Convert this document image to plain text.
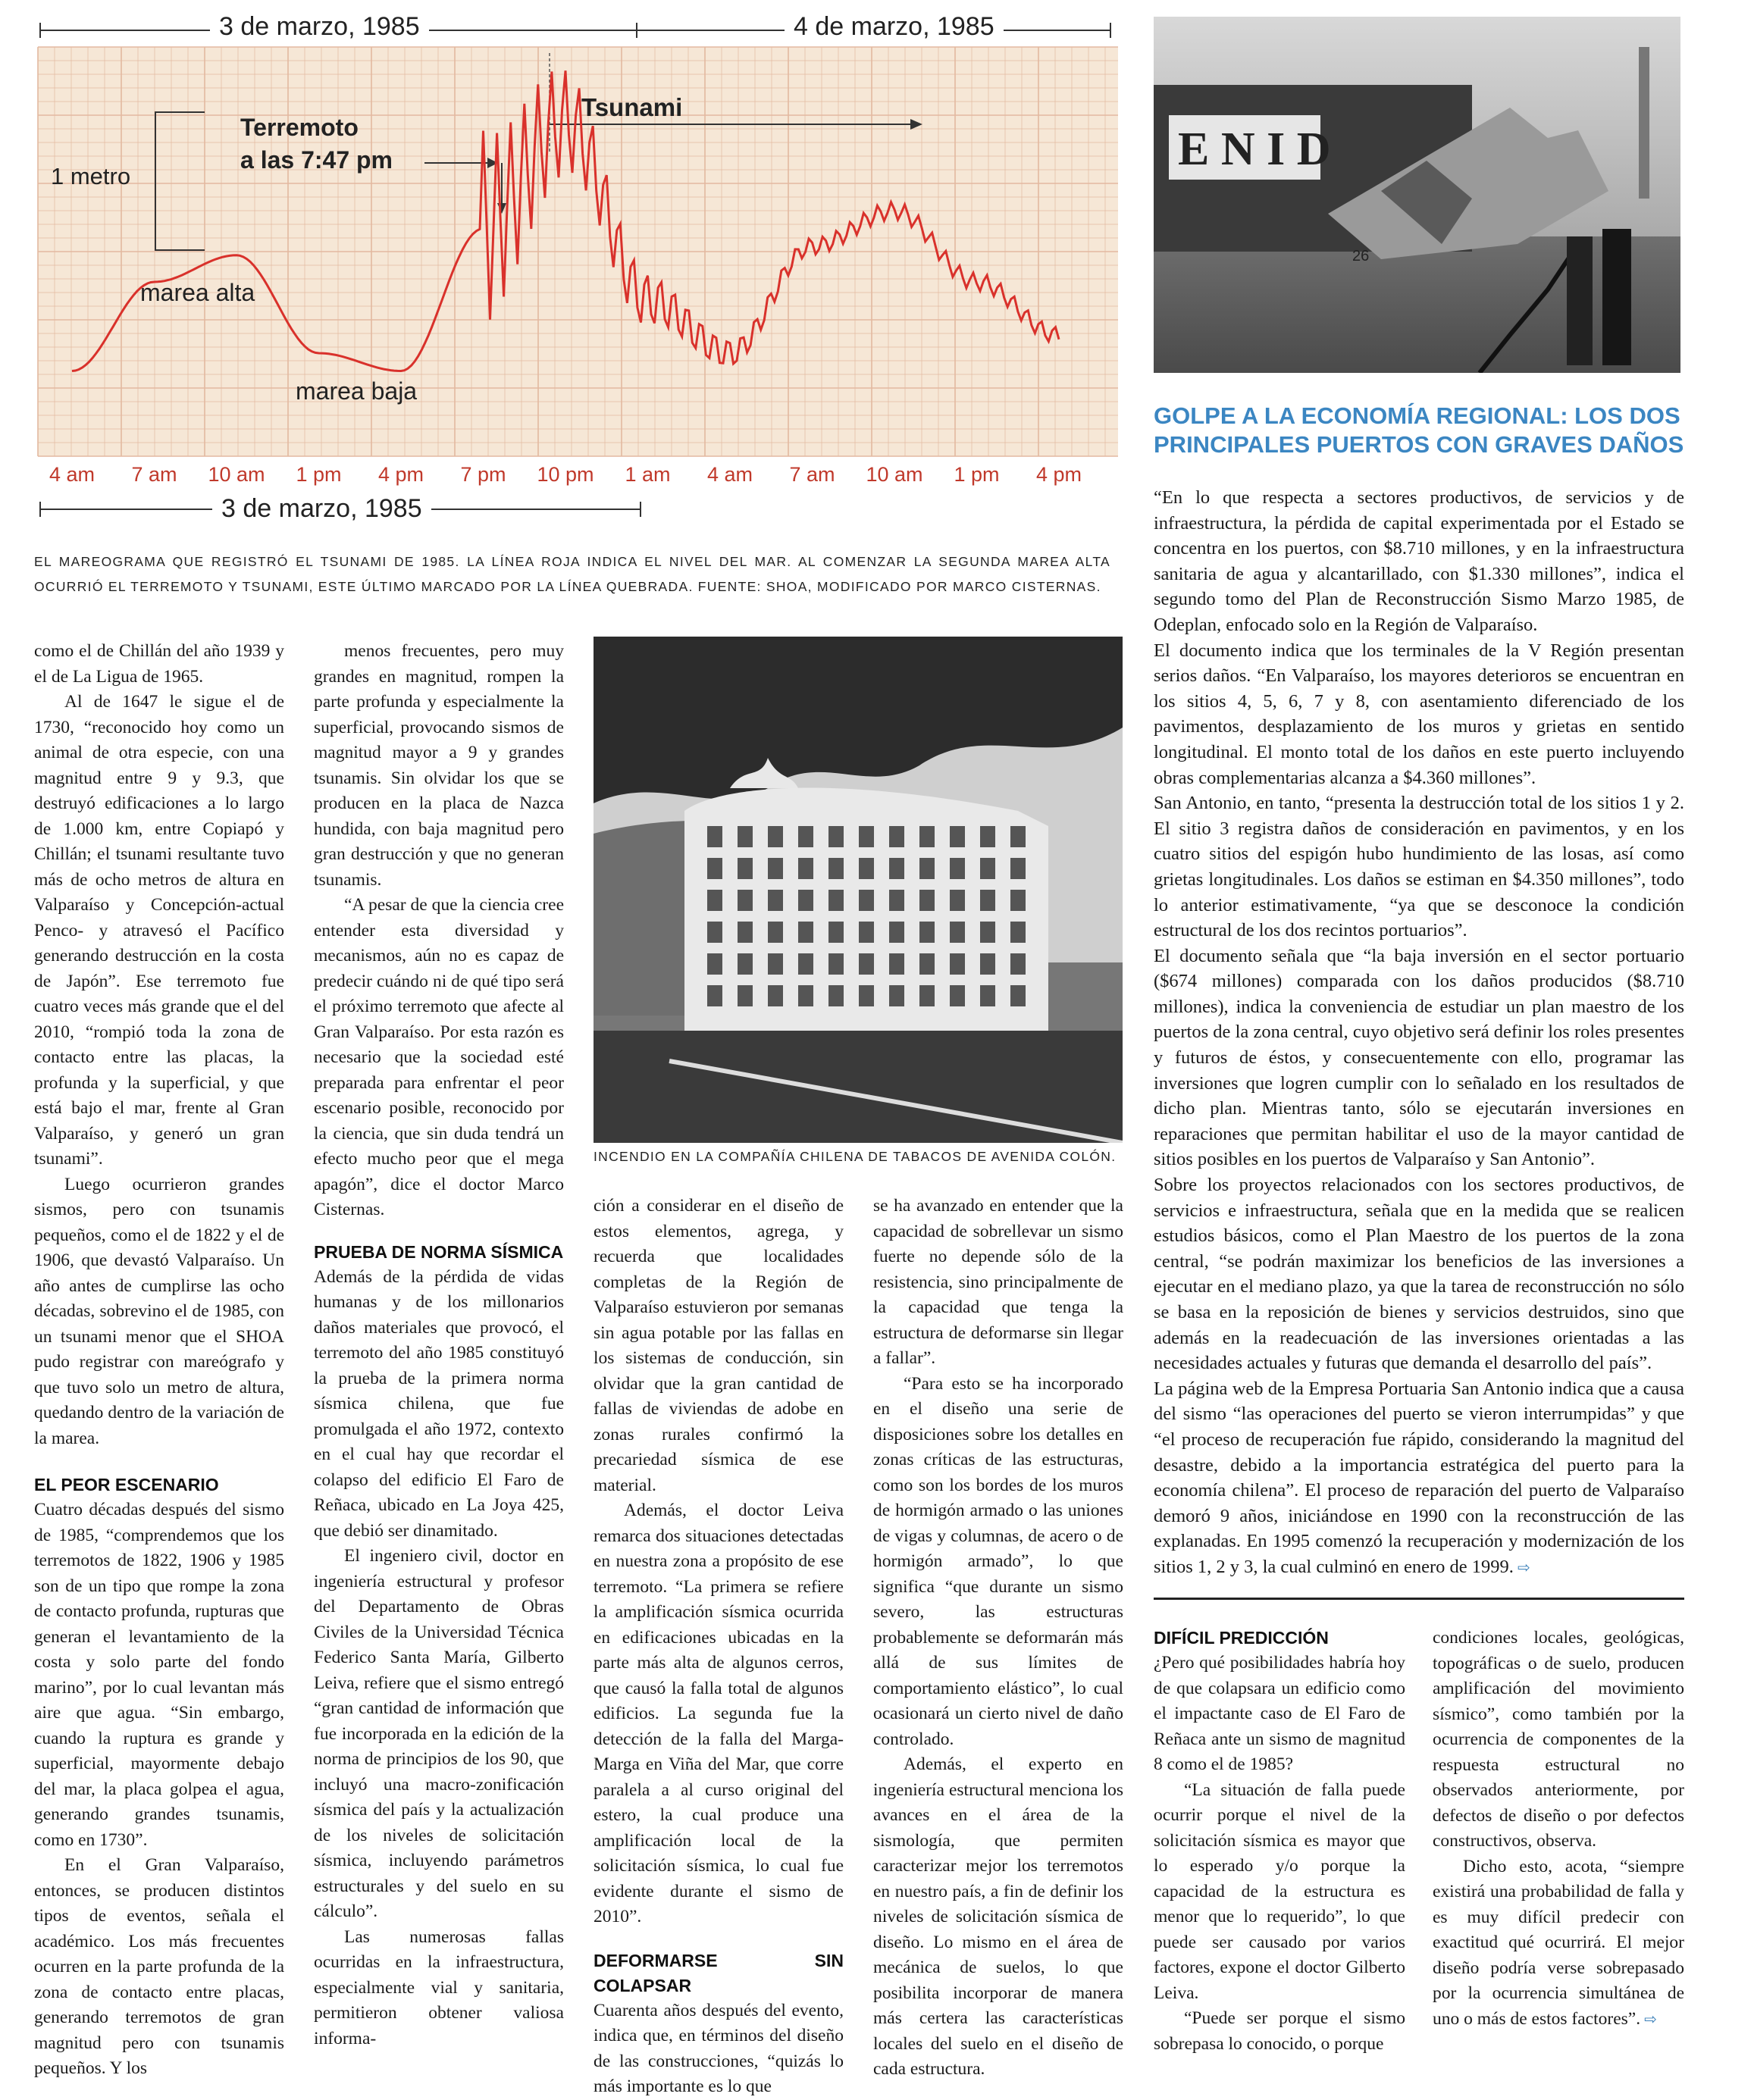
4 am 7 am 10 am 1 pm 4 pm 7 pm 10 pm 1 am 4 am 7 am 10 am 1 pm 4 pm
3 de marzo, 1985	4 de marzo, 1985
3 de marzo, 1985
1 metro
Terremoto
a las 7:47 pm
Tsunami
marea alta
marea baja
EL MAREOGRAMA QUE REGISTRÓ EL TSUNAMI DE 1985. LA LÍNEA ROJA INDICA EL NIVEL DEL MAR. AL COMENZAR LA SEGUNDA MAREA ALTA OCURRIÓ EL TERREMOTO Y TSUNAMI, ESTE ÚLTIMO MARCADO POR LA LÍNEA QUEBRADA. FUENTE: SHOA, MODIFICADO POR MARCO CISTERNAS.
E N I D
26
GOLPE A LA ECONOMÍA REGIONAL: LOS DOS PRINCIPALES PUERTOS CON GRAVES DAÑOS
INCENDIO EN LA COMPAÑÍA CHILENA DE TABACOS DE AVENIDA COLÓN.

como el de Chillán del año 1939 y el de La Ligua de 1965.

Al de 1647 le sigue el de 1730, “reconocido hoy como un animal de otra especie, con una magnitud entre 9 y 9.3, que destruyó edificaciones a lo largo de 1.000 km, entre Copiapó y Chillán; el tsunami resultante tuvo más de ocho metros de altura en Valparaíso y Concepción-actual Penco- y atravesó el Pacífico generando destrucción en la costa de Japón”. Ese terremoto fue cuatro veces más grande que el del 2010, “rompió toda la zona de contacto entre las placas, la profunda y la superficial, y que está bajo el mar, frente al Gran Valparaíso, y generó un gran tsunami”.

Luego ocurrieron grandes sismos, pero con tsunamis pequeños, como el de 1822 y el de 1906, que devastó Valparaíso. Un año antes de cumplirse las ocho décadas, sobrevino el de 1985, con un tsunami menor que el SHOA pudo registrar con mareógrafo y que tuvo solo un metro de altura, quedando dentro de la variación de la marea.

EL PEOR ESCENARIO

Cuatro décadas después del sismo de 1985, “comprendemos que los terremotos de 1822, 1906 y 1985 son de un tipo que rompe la zona de contacto profunda, rupturas que generan el levantamiento de la costa y solo parte del fondo marino”, por lo cual levantan más aire que agua. “Sin embargo, cuando la ruptura es grande y superficial, mayormente debajo del mar, la placa golpea el agua, generando grandes tsunamis, como en 1730”.

En el Gran Valparaíso, entonces, se producen distintos tipos de eventos, señala el académico. Los más frecuentes ocurren en la parte profunda de la zona de contacto entre placas, generando terremotos de gran magnitud pero con tsunamis pequeños. Y los

menos frecuentes, pero muy grandes en magnitud, rompen la parte profunda y especialmente la superficial, provocando sismos de magnitud mayor a 9 y grandes tsunamis. Sin olvidar los que se producen en la placa de Nazca hundida, con baja magnitud pero gran destrucción y que no generan tsunamis.

“A pesar de que la ciencia cree entender esta diversidad y mecanismos, aún no es capaz de predecir cuándo ni de qué tipo será el próximo terremoto que afecte al Gran Valparaíso. Por esta razón es necesario que la sociedad esté preparada para enfrentar el peor escenario posible, reconocido por la ciencia, que sin duda tendrá un efecto mucho peor que el mega apagón”, dice el doctor Marco Cisternas.

PRUEBA DE NORMA SÍSMICA

Además de la pérdida de vidas humanas y de los millonarios daños materiales que provocó, el terremoto del año 1985 constituyó la prueba de la primera norma sísmica chilena, que fue promulgada el año 1972, contexto en el cual hay que recordar el colapso del edificio El Faro de Reñaca, ubicado en La Joya 425, que debió ser dinamitado.

El ingeniero civil, doctor en ingeniería estructural y profesor del Departamento de Obras Civiles de la Universidad Técnica Federico Santa María, Gilberto Leiva, refiere que el sismo entregó “gran cantidad de información que fue incorporada en la edición de la norma de principios de los 90, que incluyó una macro-zonificación sísmica del país y la actualización de los niveles de solicitación sísmica, incluyendo parámetros estructurales y del suelo en su cálculo”.

Las numerosas fallas ocurridas en la infraestructura, especialmente vial y sanitaria, permitieron obtener valiosa informa-

ción a considerar en el diseño de estos elementos, agrega, y recuerda que localidades completas de la Región de Valparaíso estuvieron por semanas sin agua potable por las fallas en los sistemas de conducción, sin olvidar que la gran cantidad de fallas de viviendas de adobe en zonas rurales confirmó la precariedad sísmica de ese material.

Además, el doctor Leiva remarca dos situaciones detectadas en nuestra zona a propósito de ese terremoto. “La primera se refiere la amplificación sísmica ocurrida en edificaciones ubicadas en la parte más alta de algunos cerros, que causó la falla total de algunos edificios. La segunda fue la detección de la falla del Marga-Marga en Viña del Mar, que corre paralela a al curso original del estero, la cual produce una amplificación local de la solicitación sísmica, lo cual fue evidente durante el sismo de 2010”.

DEFORMARSE SIN COLAPSAR

Cuarenta años después del evento, indica que, en términos del diseño de las construcciones, “quizás lo más importante es lo que

se ha avanzado en entender que la capacidad de sobrellevar un sismo fuerte no depende sólo de la resistencia, sino principalmente de la capacidad que tenga la estructura de deformarse sin llegar a fallar”.

“Para esto se ha incorporado en el diseño una serie de disposiciones sobre los detalles en zonas críticas de las estructuras, como son los bordes de los muros de hormigón armado o las uniones de vigas y columnas, de acero o de hormigón armado”, lo que significa “que durante un sismo severo, las estructuras probablemente se deformarán más allá de sus límites de comportamiento elástico”, lo cual ocasionará un cierto nivel de daño controlado.

Además, el experto en ingeniería estructural menciona los avances en el área de la sismología, que permiten caracterizar mejor los terremotos en nuestro país, a fin de definir los niveles de solicitación sísmica de diseño. Lo mismo en el área de mecánica de suelos, lo que posibilita incorporar de manera más certera las características locales del suelo en el diseño de cada estructura.

“En lo que respecta a sectores productivos, de servicios y de infraestructura, la pérdida de capital experimentada por el Estado se concentra en los puertos, con $8.710 millones, y en la infraestructura sanitaria de agua y alcantarillado, con $1.330 millones”, indica el segundo tomo del Plan de Reconstrucción Sismo Marzo 1985, de Odeplan, enfocado solo en la Región de Valparaíso.

El documento indica que los terminales de la V Región presentan serios daños. “En Valparaíso, los mayores deterioros se encuentran en los sitios 4, 5, 6, 7 y 8, con asentamiento diferenciado de los pavimentos, desplazamiento de los muros y grietas en sentido longitudinal. El monto total de los daños en este puerto incluyendo obras complementarias alcanza a $4.360 millones”.

San Antonio, en tanto, “presenta la destrucción total de los sitios 1 y 2. El sitio 3 registra daños de consideración en pavimentos, y en los cuatro sitios del espigón hubo hundimiento de las losas, así como grietas longitudinales. Los daños se estiman en $4.350 millones”, todo lo anterior estimativamente, “ya que se desconoce la condición estructural de los dos recintos portuarios”.

El documento señala que “la baja inversión en el sector portuario ($674 millones) comparada con los daños producidos ($8.710 millones), indica la conveniencia de estudiar un plan maestro de los puertos de la zona central, cuyo objetivo será definir los roles presentes y futuros de éstos, y consecuentemente con ello, programar las inversiones que logren cumplir con lo señalado en los resultados de dicho plan. Mientras tanto, sólo se ejecutarán inversiones en reparaciones que permitan habilitar el uso de la mayor cantidad de sitios posibles en los puertos de Valparaíso y San Antonio”.

Sobre los proyectos relacionados con los sectores productivos, de servicios e infraestructura, señala que en la medida que se realicen estudios básicos, como el Plan Maestro de los puertos de la zona central, “se podrán maximizar los beneficios de las inversiones a ejecutar en el mediano plazo, ya que la tarea de reconstrucción no sólo se basa en la reposición de bienes y servicios destruidos, sino que además en la readecuación de las inversiones orientadas a las necesidades actuales y futuras que demanda el desarrollo del país”.

La página web de la Empresa Portuaria San Antonio indica que a causa del sismo “las operaciones del puerto se vieron interrumpidas” y que “el proceso de recuperación fue rápido, considerando la magnitud del desastre, debido a la importancia estratégica del puerto para la economía chilena”. El proceso de reparación del puerto de Valparaíso demoró 9 años, iniciándose en 1990 con la reconstrucción de las explanadas. En 1995 comenzó la recuperación y modernización de los sitios 1, 2 y 3, la cual culminó en enero de 1999. ⇨

DIFÍCIL PREDICCIÓN

¿Pero qué posibilidades habría hoy de que colapsara un edificio como el impactante caso de El Faro de Reñaca ante un sismo de magnitud 8 como el de 1985?

“La situación de falla puede ocurrir porque el nivel de la solicitación sísmica es mayor que lo esperado y/o porque la capacidad de la estructura es menor que lo requerido”, lo que puede ser causado por varios factores, expone el doctor Gilberto Leiva.

“Puede ser porque el sismo sobrepasa lo conocido, o porque

condiciones locales, geológicas, topográficas o de suelo, producen amplificación del movimiento sísmico”, como también por la ocurrencia de componentes de la respuesta estructural no observados anteriormente, por defectos de diseño o por defectos constructivos, observa.

Dicho esto, acota, “siempre existirá una probabilidad de falla y es muy difícil predecir con exactitud qué ocurrirá. El mejor diseño podría verse sobrepasado por la ocurrencia simultánea de uno o más de estos factores”. ⇨
